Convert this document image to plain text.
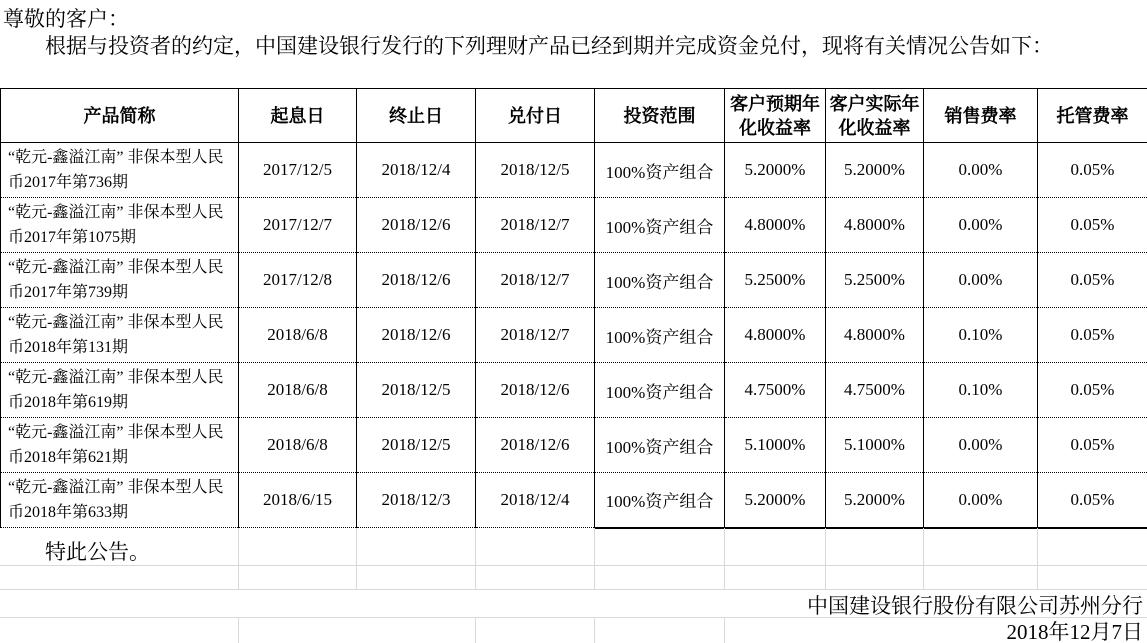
尊敬的客户：
根据与投资者的约定，中国建设银行发行的下列理财产品已经到期并完成资金兑付，现将有关情况公告如下：
产品简称	起息日	终止日	兑付日	投资范围	客户预期年化收益率	客户实际年化收益率	销售费率	托管费率
“乾元-鑫溢江南” 非保本型人民币2017年第736期	2017/12/5	2018/12/4	2018/12/5	100%资产组合	5.2000%	5.2000%	0.00%	0.05%
“乾元-鑫溢江南” 非保本型人民币2017年第1075期	2017/12/7	2018/12/6	2018/12/7	100%资产组合	4.8000%	4.8000%	0.00%	0.05%
“乾元-鑫溢江南” 非保本型人民币2017年第739期	2017/12/8	2018/12/6	2018/12/7	100%资产组合	5.2500%	5.2500%	0.00%	0.05%
“乾元-鑫溢江南” 非保本型人民币2018年第131期	2018/6/8	2018/12/6	2018/12/7	100%资产组合	4.8000%	4.8000%	0.10%	0.05%
“乾元-鑫溢江南” 非保本型人民币2018年第619期	2018/6/8	2018/12/5	2018/12/6	100%资产组合	4.7500%	4.7500%	0.10%	0.05%
“乾元-鑫溢江南” 非保本型人民币2018年第621期	2018/6/8	2018/12/5	2018/12/6	100%资产组合	5.1000%	5.1000%	0.00%	0.05%
“乾元-鑫溢江南” 非保本型人民币2018年第633期	2018/6/15	2018/12/3	2018/12/4	100%资产组合	5.2000%	5.2000%	0.00%	0.05%
特此公告。
中国建设银行股份有限公司苏州分行
2018年12月7日
